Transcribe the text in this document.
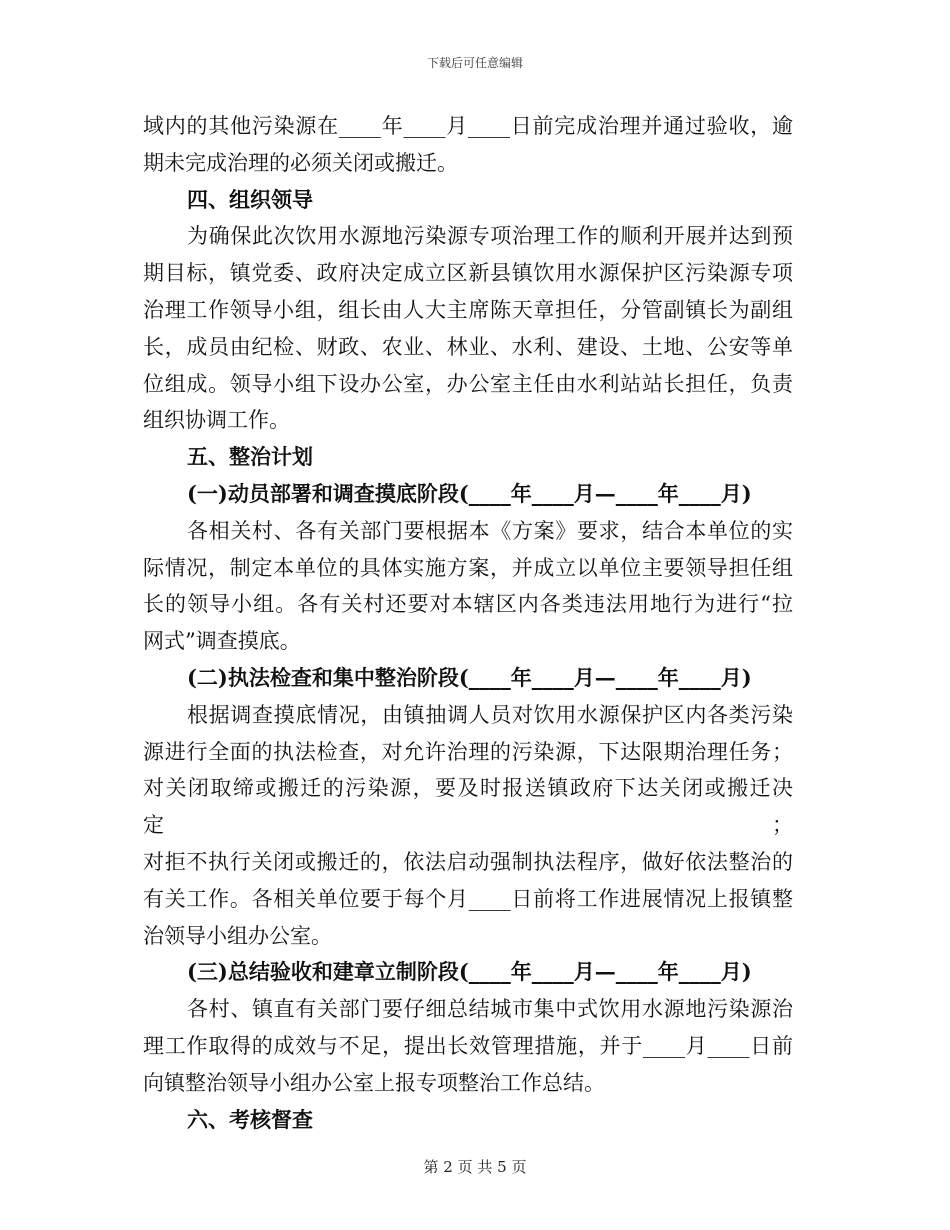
下载后可任意编辑
域内的其他污染源在____年____月____日前完成治理并通过验收，逾
期未完成治理的必须关闭或搬迁。
四、组织领导
为确保此次饮用水源地污染源专项治理工作的顺利开展并达到预
期目标，镇党委、政府决定成立区新县镇饮用水源保护区污染源专项
治理工作领导小组，组长由人大主席陈天章担任，分管副镇长为副组
长，成员由纪检、财政、农业、林业、水利、建设、土地、公安等单
位组成。领导小组下设办公室，办公室主任由水利站站长担任，负责
组织协调工作。
五、整治计划
(一)动员部署和调查摸底阶段(____年____月—____年____月)
各相关村、各有关部门要根据本《方案》要求，结合本单位的实
际情况，制定本单位的具体实施方案，并成立以单位主要领导担任组
长的领导小组。各有关村还要对本辖区内各类违法用地行为进行“拉
网式”调查摸底。
(二)执法检查和集中整治阶段(____年____月—____年____月)
根据调查摸底情况，由镇抽调人员对饮用水源保护区内各类污染
源进行全面的执法检查，对允许治理的污染源，下达限期治理任务；
对关闭取缔或搬迁的污染源，要及时报送镇政府下达关闭或搬迁决定；
对拒不执行关闭或搬迁的，依法启动强制执法程序，做好依法整治的
有关工作。各相关单位要于每个月____日前将工作进展情况上报镇整
治领导小组办公室。
(三)总结验收和建章立制阶段(____年____月—____年____月)
各村、镇直有关部门要仔细总结城市集中式饮用水源地污染源治
理工作取得的成效与不足，提出长效管理措施，并于____月____日前
向镇整治领导小组办公室上报专项整治工作总结。
六、考核督查
第 2 页 共 5 页
